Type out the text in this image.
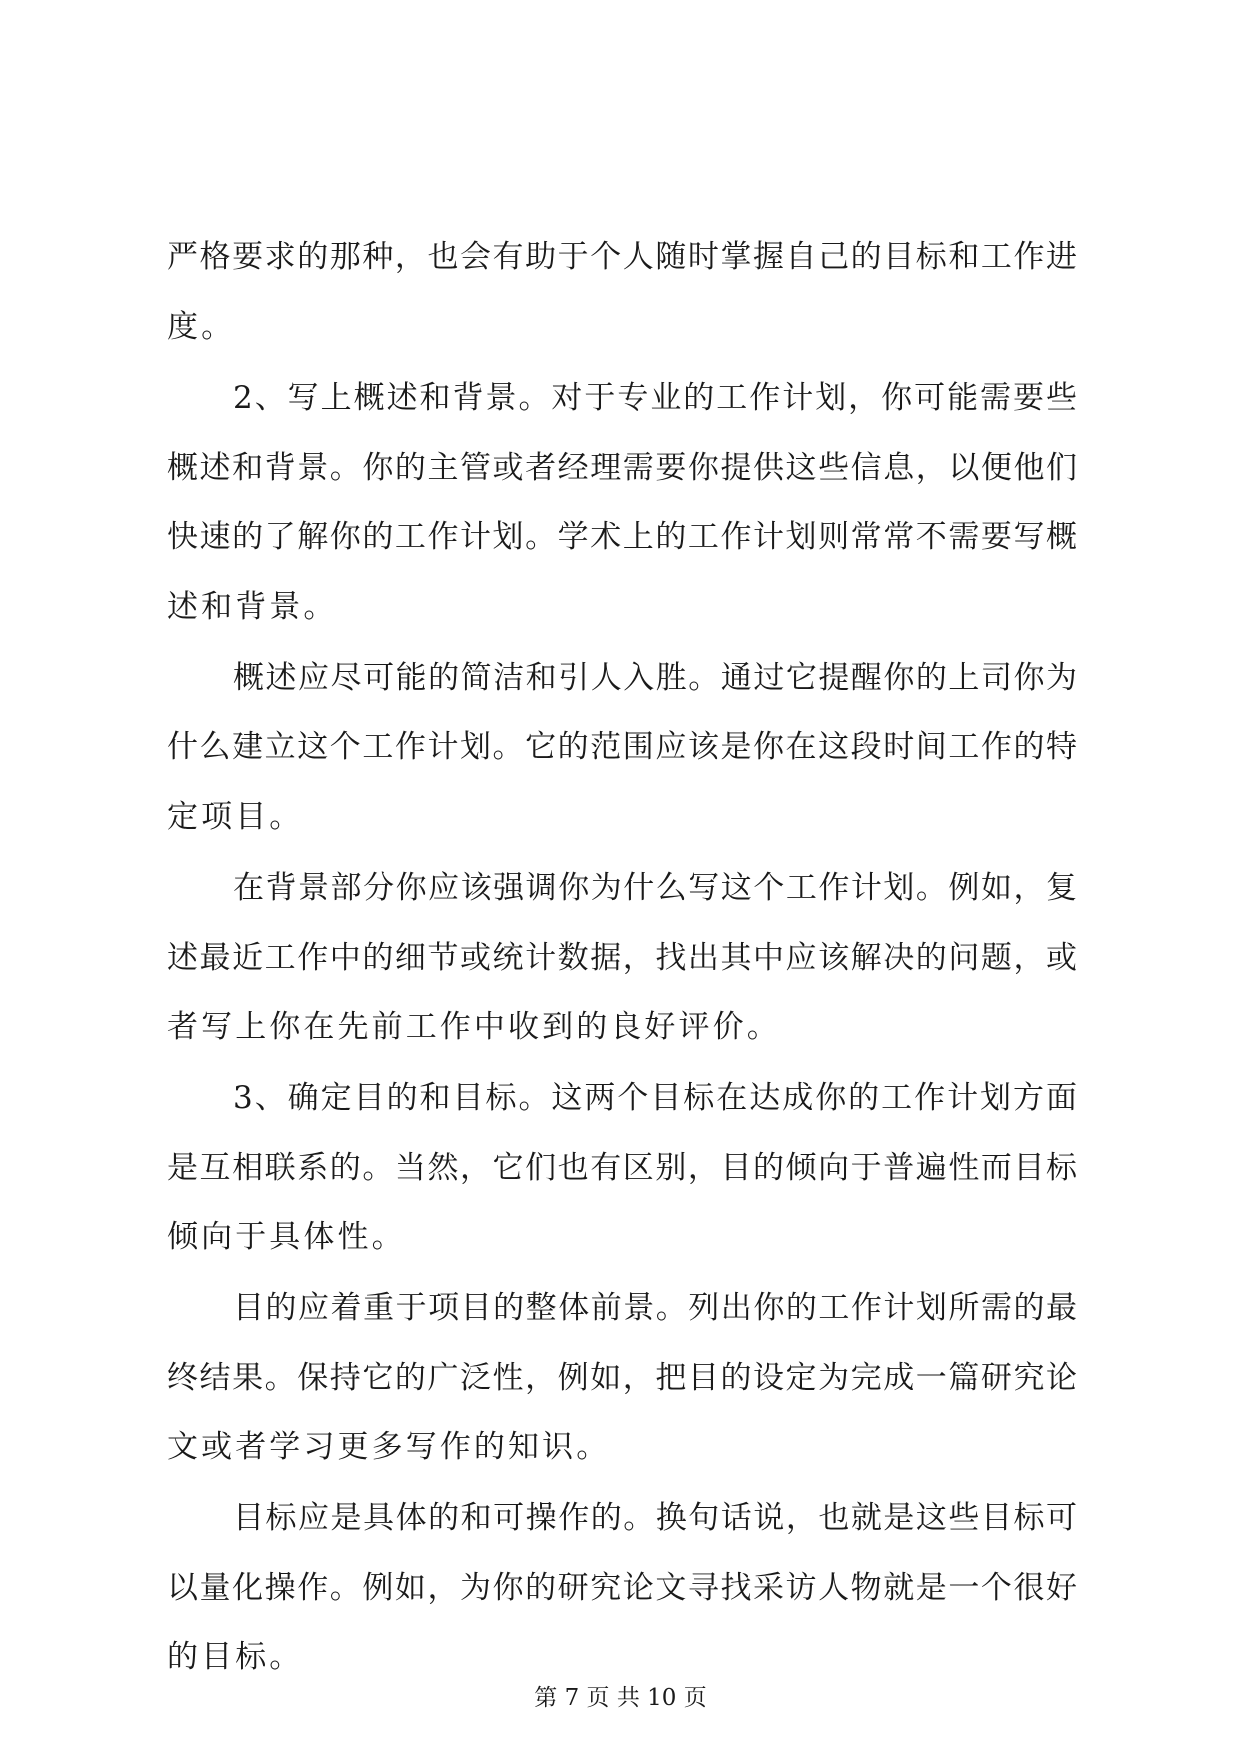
严格要求的那种，也会有助于个人随时掌握自己的目标和工作进
度。
2、写上概述和背景。对于专业的工作计划，你可能需要些
概述和背景。你的主管或者经理需要你提供这些信息，以便他们
快速的了解你的工作计划。学术上的工作计划则常常不需要写概
述和背景。
概述应尽可能的简洁和引人入胜。通过它提醒你的上司你为
什么建立这个工作计划。它的范围应该是你在这段时间工作的特
定项目。
在背景部分你应该强调你为什么写这个工作计划。例如，复
述最近工作中的细节或统计数据，找出其中应该解决的问题，或
者写上你在先前工作中收到的良好评价。
3、确定目的和目标。这两个目标在达成你的工作计划方面
是互相联系的。当然，它们也有区别，目的倾向于普遍性而目标
倾向于具体性。
目的应着重于项目的整体前景。列出你的工作计划所需的最
终结果。保持它的广泛性，例如，把目的设定为完成一篇研究论
文或者学习更多写作的知识。
目标应是具体的和可操作的。换句话说，也就是这些目标可
以量化操作。例如，为你的研究论文寻找采访人物就是一个很好
的目标。
第 7 页 共 10 页
